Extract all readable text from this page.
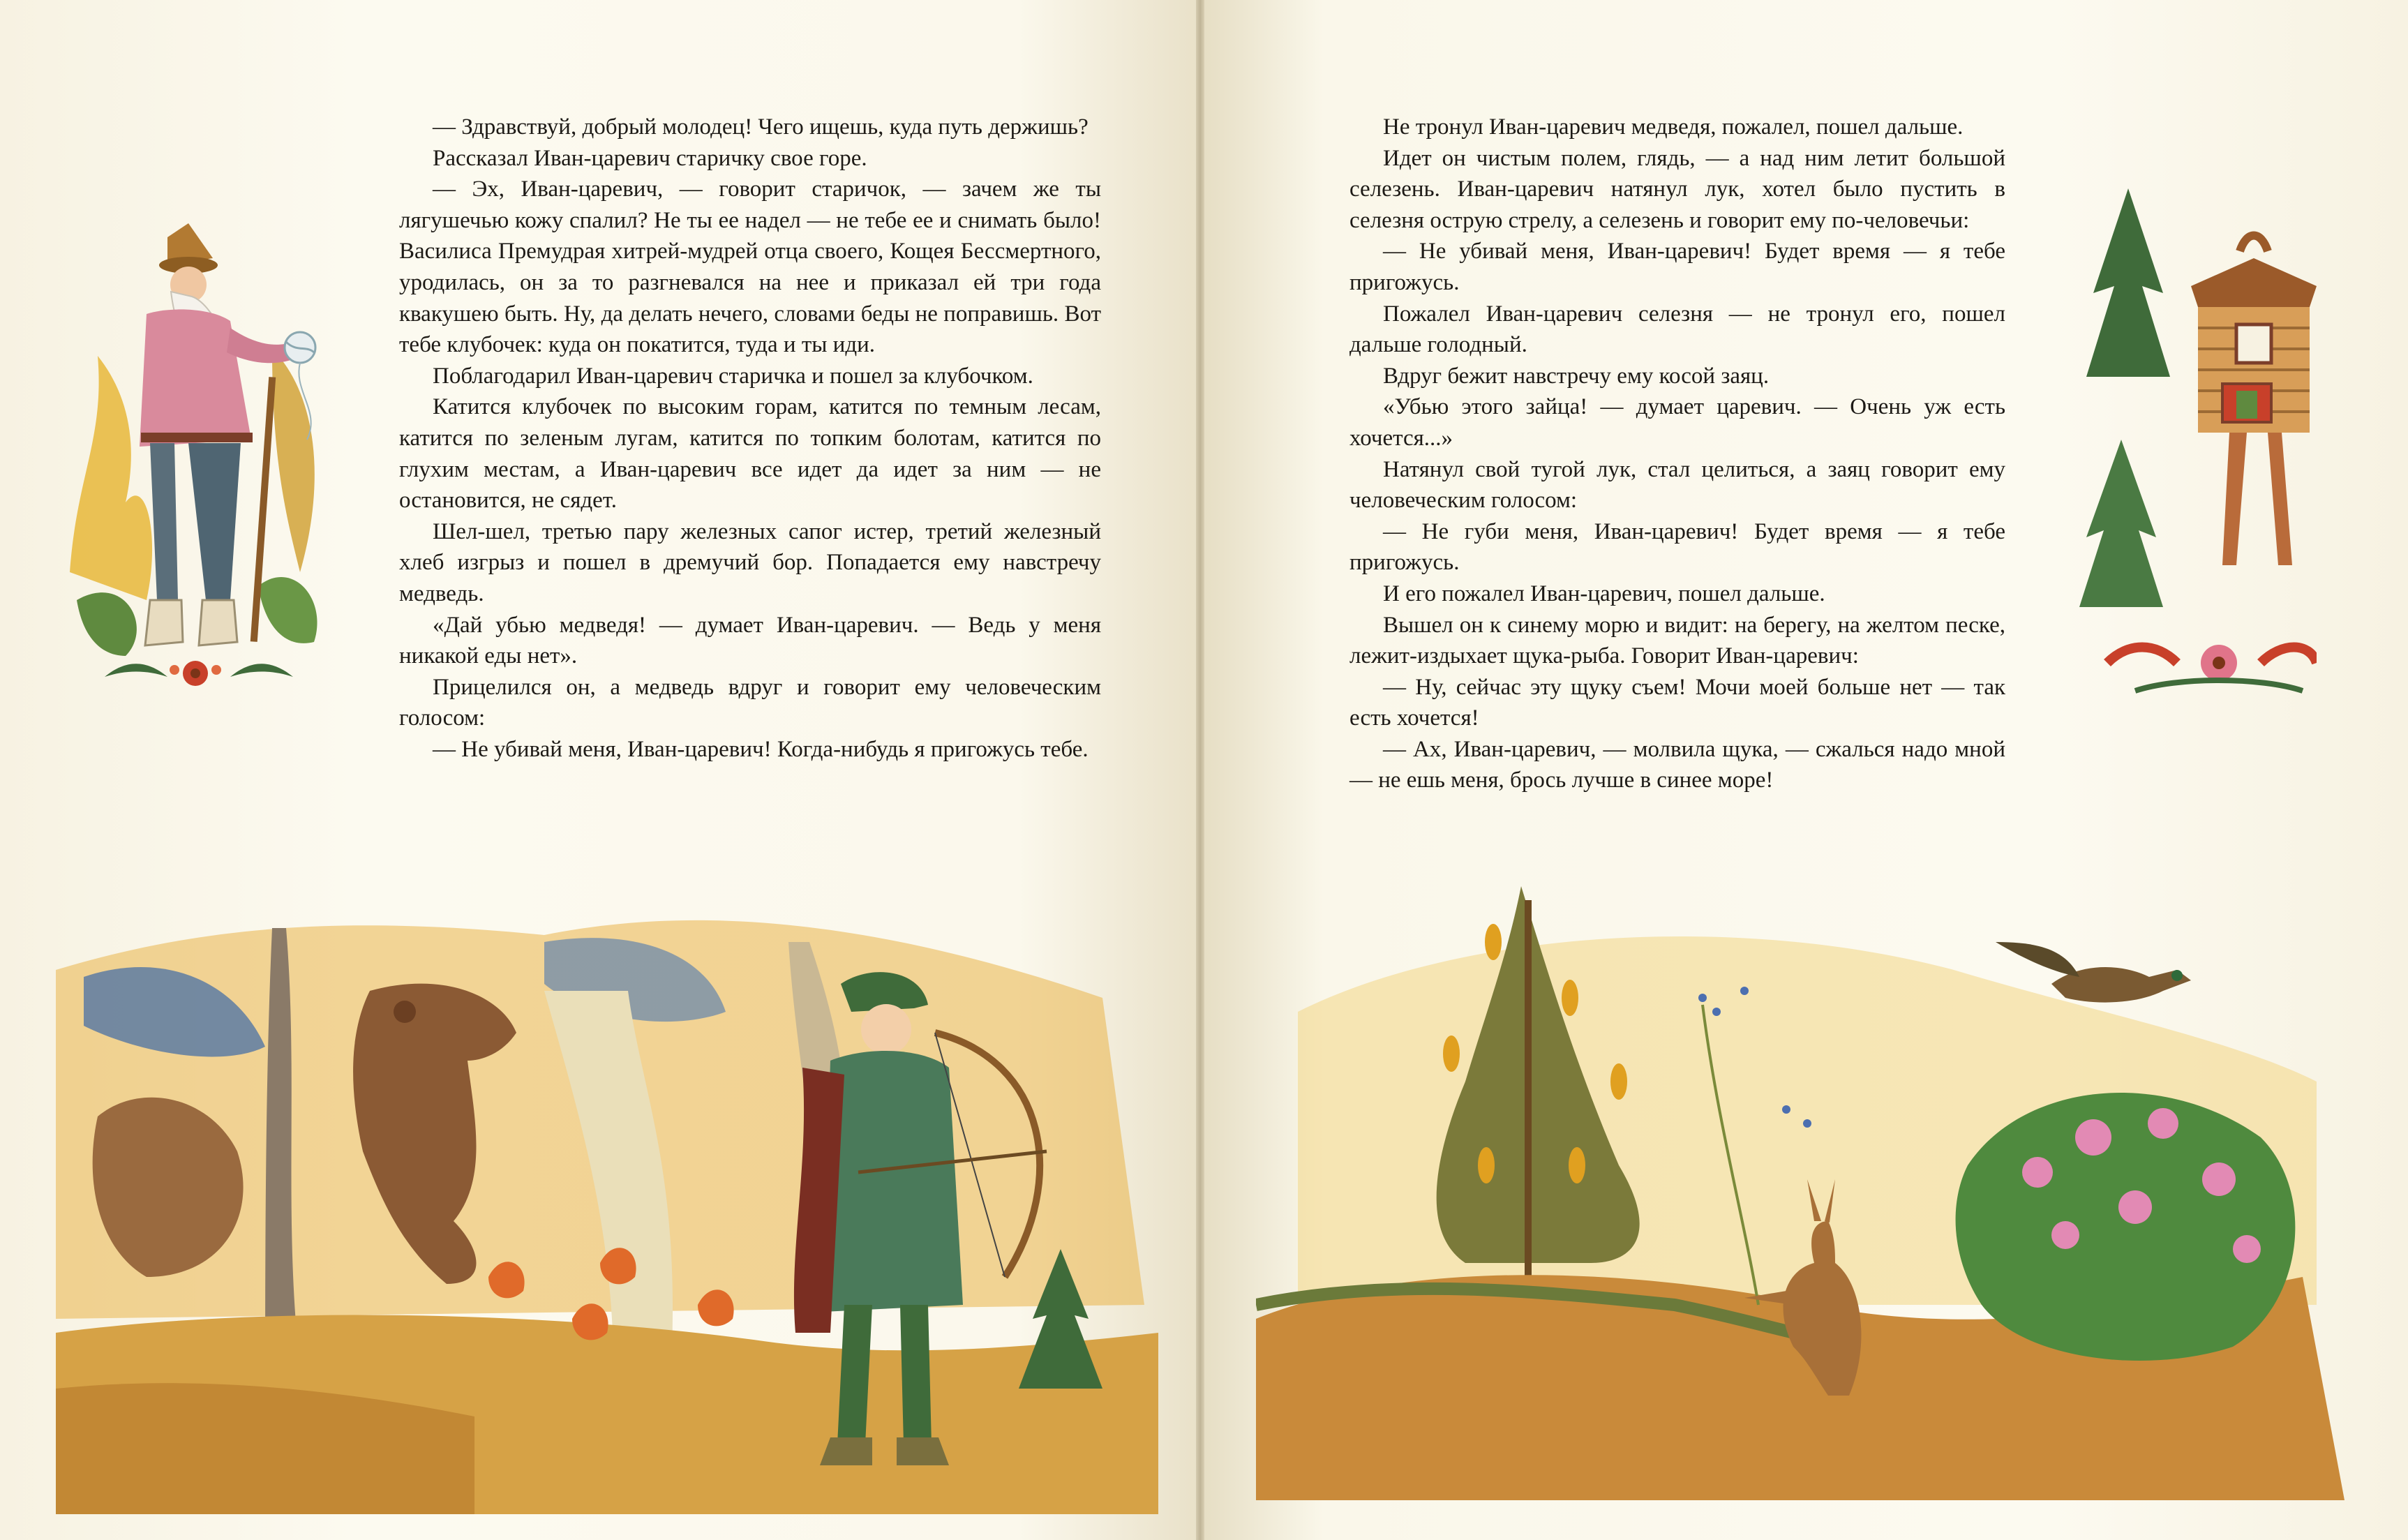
— Здравствуй, добрый молодец! Чего ищешь, куда путь держишь?

Рассказал Иван-царевич старичку свое горе.

— Эх, Иван-царевич, — говорит старичок, — зачем же ты лягушечью кожу спалил? Не ты ее надел — не тебе ее и снимать было! Василиса Премудрая хитрей-мудрей отца своего, Кощея Бессмертного, уродилась, он за то разгневался на нее и приказал ей три года квакушею быть. Ну, да делать нечего, словами беды не поправишь. Вот тебе клубочек: куда он покатится, туда и ты иди.

Поблагодарил Иван-царевич старичка и пошел за клубочком.

Катится клубочек по высоким горам, катится по темным лесам, катится по зеленым лугам, катится по топким болотам, катится по глухим местам, а Иван-царевич все идет да идет за ним — не остановится, не сядет.

Шел-шел, третью пару железных сапог истер, третий железный хлеб изгрыз и пошел в дремучий бор. Попадается ему навстречу медведь.

«Дай убью медведя! — думает Иван-царевич. — Ведь у меня никакой еды нет».

Прицелился он, а медведь вдруг и говорит ему человеческим голосом:

— Не убивай меня, Иван-царевич! Когда-нибудь я пригожусь тебе.

Не тронул Иван-царевич медведя, пожалел, пошел дальше.

Идет он чистым полем, глядь, — а над ним летит большой селезень. Иван-царевич натянул лук, хотел было пустить в селезня острую стрелу, а селезень и говорит ему по-человечьи:

— Не убивай меня, Иван-царевич! Будет время — я тебе пригожусь.

Пожалел Иван-царевич селезня — не тронул его, пошел дальше голодный.

Вдруг бежит навстречу ему косой заяц.

«Убью этого зайца! — думает царевич. — Очень уж есть хочется...»

Натянул свой тугой лук, стал целиться, а заяц говорит ему человеческим голосом:

— Не губи меня, Иван-царевич! Будет время — я тебе пригожусь.

И его пожалел Иван-царевич, пошел дальше.

Вышел он к синему морю и видит: на берегу, на желтом песке, лежит-издыхает щука-рыба. Говорит Иван-царевич:

— Ну, сейчас эту щуку съем! Мочи моей больше нет — так есть хочется!

— Ах, Иван-царевич, — молвила щука, — сжалься надо мной — не ешь меня, брось лучше в синее море!
